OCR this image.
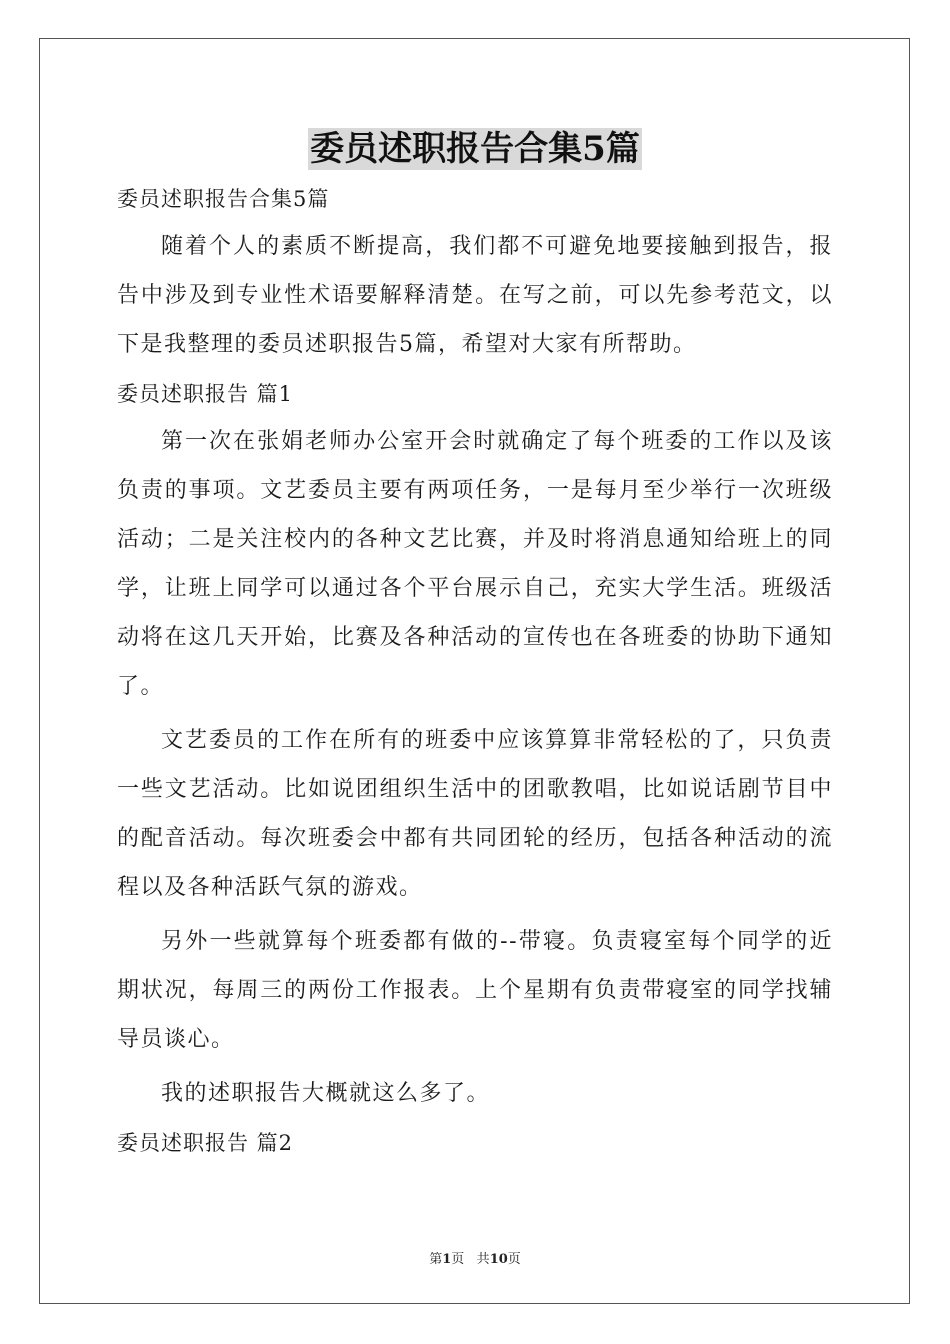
委员述职报告合集5篇

委员述职报告合集5篇

随着个人的素质不断提高，我们都不可避免地要接触到报告，报告中涉及到专业性术语要解释清楚。在写之前，可以先参考范文，以下是我整理的委员述职报告5篇，希望对大家有所帮助。

委员述职报告 篇1

第一次在张娟老师办公室开会时就确定了每个班委的工作以及该负责的事项。文艺委员主要有两项任务，一是每月至少举行一次班级活动；二是关注校内的各种文艺比赛，并及时将消息通知给班上的同学，让班上同学可以通过各个平台展示自己，充实大学生活。班级活动将在这几天开始，比赛及各种活动的宣传也在各班委的协助下通知了。

文艺委员的工作在所有的班委中应该算算非常轻松的了，只负责一些文艺活动。比如说团组织生活中的团歌教唱，比如说话剧节目中的配音活动。每次班委会中都有共同团轮的经历，包括各种活动的流程以及各种活跃气氛的游戏。

另外一些就算每个班委都有做的--带寝。负责寝室每个同学的近期状况，每周三的两份工作报表。上个星期有负责带寝室的同学找辅导员谈心。

我的述职报告大概就这么多了。

委员述职报告 篇2

第1页 共10页
